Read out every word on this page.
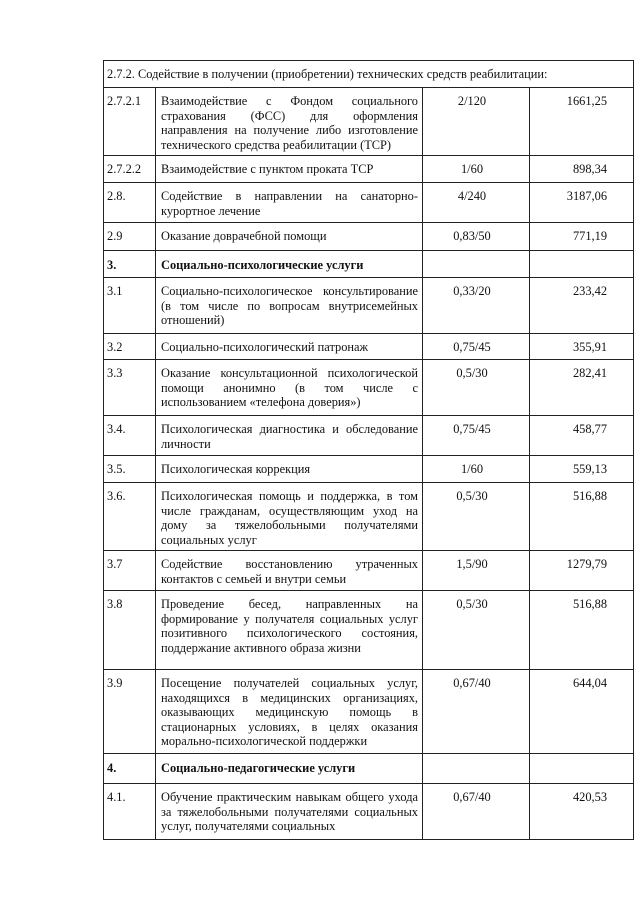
2.7.2. Содействие в получении (приобретении) технических средств реабилитации:			
2.7.2.1	Взаимодействие с Фондом социального страхования (ФСС) для оформления направления на получение либо изготовление технического средства реабилитации (ТСР)	2/120	1661,25
2.7.2.2	Взаимодействие с пунктом проката ТСР	1/60	898,34
2.8.	Содействие в направлении на санаторно-курортное лечение	4/240	3187,06
2.9	Оказание доврачебной помощи	0,83/50	771,19
3.	Социально-психологические услуги		
3.1	Социально-психологическое консультирование (в том числе по вопросам внутрисемейных отношений)	0,33/20	233,42
3.2	Социально-психологический патронаж	0,75/45	355,91
3.3	Оказание консультационной психологической помощи анонимно (в том числе с использованием «телефона доверия»)	0,5/30	282,41
3.4.	Психологическая диагностика и обследование личности	0,75/45	458,77
3.5.	Психологическая коррекция	1/60	559,13
3.6.	Психологическая помощь и поддержка, в том числе гражданам, осуществляющим уход на дому за тяжелобольными получателями социальных услуг	0,5/30	516,88
3.7	Содействие восстановлению утраченных контактов с семьей и внутри семьи	1,5/90	1279,79
3.8	Проведение бесед, направленных на формирование у получателя социальных услуг позитивного психологического состояния, поддержание активного образа жизни	0,5/30	516,88
3.9	Посещение получателей социальных услуг, находящихся в медицинских организациях, оказывающих медицинскую помощь в стационарных условиях, в целях оказания морально-психологической поддержки	0,67/40	644,04
4.	Социально-педагогические услуги		
4.1.	Обучение практическим навыкам общего ухода за тяжелобольными получателями социальных услуг, получателями социальных	0,67/40	420,53
